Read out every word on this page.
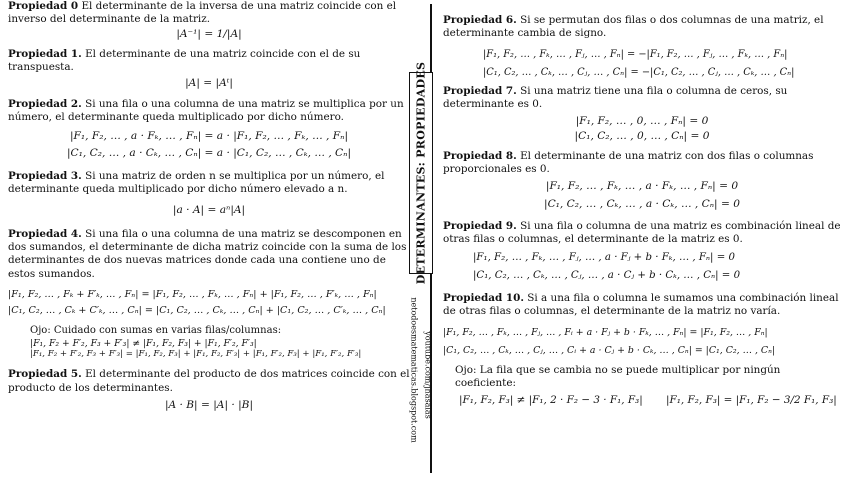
Propiedad 0 El determinante de la inversa de una matriz coincide con el inverso del determinante de la matriz.
|A⁻¹| = 1/|A|
Propiedad 1. El determinante de una matriz coincide con el de su transpuesta.
|A| = |Aᵗ|
Propiedad 2. Si una fila o una columna de una matriz se multiplica por un número, el determinante queda multiplicado por dicho número.
|F₁, F₂, … , a · Fₖ, … , Fₙ| = a · |F₁, F₂, … , Fₖ, … , Fₙ|
|C₁, C₂, … , a · Cₖ, … , Cₙ| = a · |C₁, C₂, … , Cₖ, … , Cₙ|
Propiedad 3. Si una matriz de orden n se multiplica por un número, el determinante queda multiplicado por dicho número elevado a n.
|a · A| = aⁿ|A|
Propiedad 4. Si una fila o una columna de una matriz se descomponen en dos sumandos, el determinante de dicha matriz coincide con la suma de los determinantes de dos nuevas matrices donde cada una contiene uno de estos sumandos.
|F₁, F₂, … , Fₖ + F′ₖ, … , Fₙ| = |F₁, F₂, … , Fₖ, … , Fₙ| + |F₁, F₂, … , F′ₖ, … , Fₙ|
|C₁, C₂, … , Cₖ + C′ₖ, … , Cₙ| = |C₁, C₂, … , Cₖ, … , Cₙ| + |C₁, C₂, … , C′ₖ, … , Cₙ|
Ojo: Cuidado con sumas en varias filas/columnas:
|F₁, F₂ + F′₂, F₃ + F′₃| ≠ |F₁, F₂, F₃| + |F₁, F′₂, F′₃|
|F₁, F₂ + F′₂, F₃ + F′₃| = |F₁, F₂, F₃| + |F₁, F₂, F′₃| + |F₁, F′₂, F₃| + |F₁, F′₂, F′₃|
Propiedad 5. El determinante del producto de dos matrices coincide con el producto de los determinantes.
|A · B| = |A| · |B|
DETERMINANTES: PROPIEDADES
youtube.com/jhasalas
netodoesmatematicas.blogspot.com
Propiedad 6. Si se permutan dos filas o dos columnas de una matriz, el determinante cambia de signo.
|F₁, F₂, … , Fₖ, … , Fⱼ, … , Fₙ| = −|F₁, F₂, … , Fⱼ, … , Fₖ, … , Fₙ|
|C₁, C₂, … , Cₖ, … , Cⱼ, … , Cₙ| = −|C₁, C₂, … , Cⱼ, … , Cₖ, … , Cₙ|
Propiedad 7. Si una matriz tiene una fila o columna de ceros, su determinante es 0.
|F₁, F₂, … , 0, … , Fₙ| = 0
|C₁, C₂, … , 0, … , Cₙ| = 0
Propiedad 8. El determinante de una matriz con dos filas o columnas proporcionales es 0.
|F₁, F₂, … , Fₖ, … , a · Fₖ, … , Fₙ| = 0
|C₁, C₂, … , Cₖ, … , a · Cₖ, … , Cₙ| = 0
Propiedad 9. Si una fila o columna de una matriz es combinación lineal de otras filas o columnas, el determinante de la matriz es 0.
|F₁, F₂, … , Fₖ, … , Fⱼ, … , a · Fⱼ + b · Fₖ, … , Fₙ| = 0
|C₁, C₂, … , Cₖ, … , Cⱼ, … , a · Cⱼ + b · Cₖ, … , Cₙ| = 0
Propiedad 10. Si a una fila o columna le sumamos una combinación lineal de otras filas o columnas, el determinante de la matriz no varía.
|F₁, F₂, … , Fₖ, … , Fⱼ, … , Fᵢ + a · Fⱼ + b · Fₖ, … , Fₙ| = |F₁, F₂, … , Fₙ|
|C₁, C₂, … , Cₖ, … , Cⱼ, … , Cᵢ + a · Cⱼ + b · Cₖ, … , Cₙ| = |C₁, C₂, … , Cₙ|
Ojo: La fila que se cambia no se puede multiplicar por ningún coeficiente:
|F₁, F₂, F₃| ≠ |F₁, 2 · F₂ − 3 · F₁, F₃| |F₁, F₂, F₃| = |F₁, F₂ − 3/2 F₁, F₃|
